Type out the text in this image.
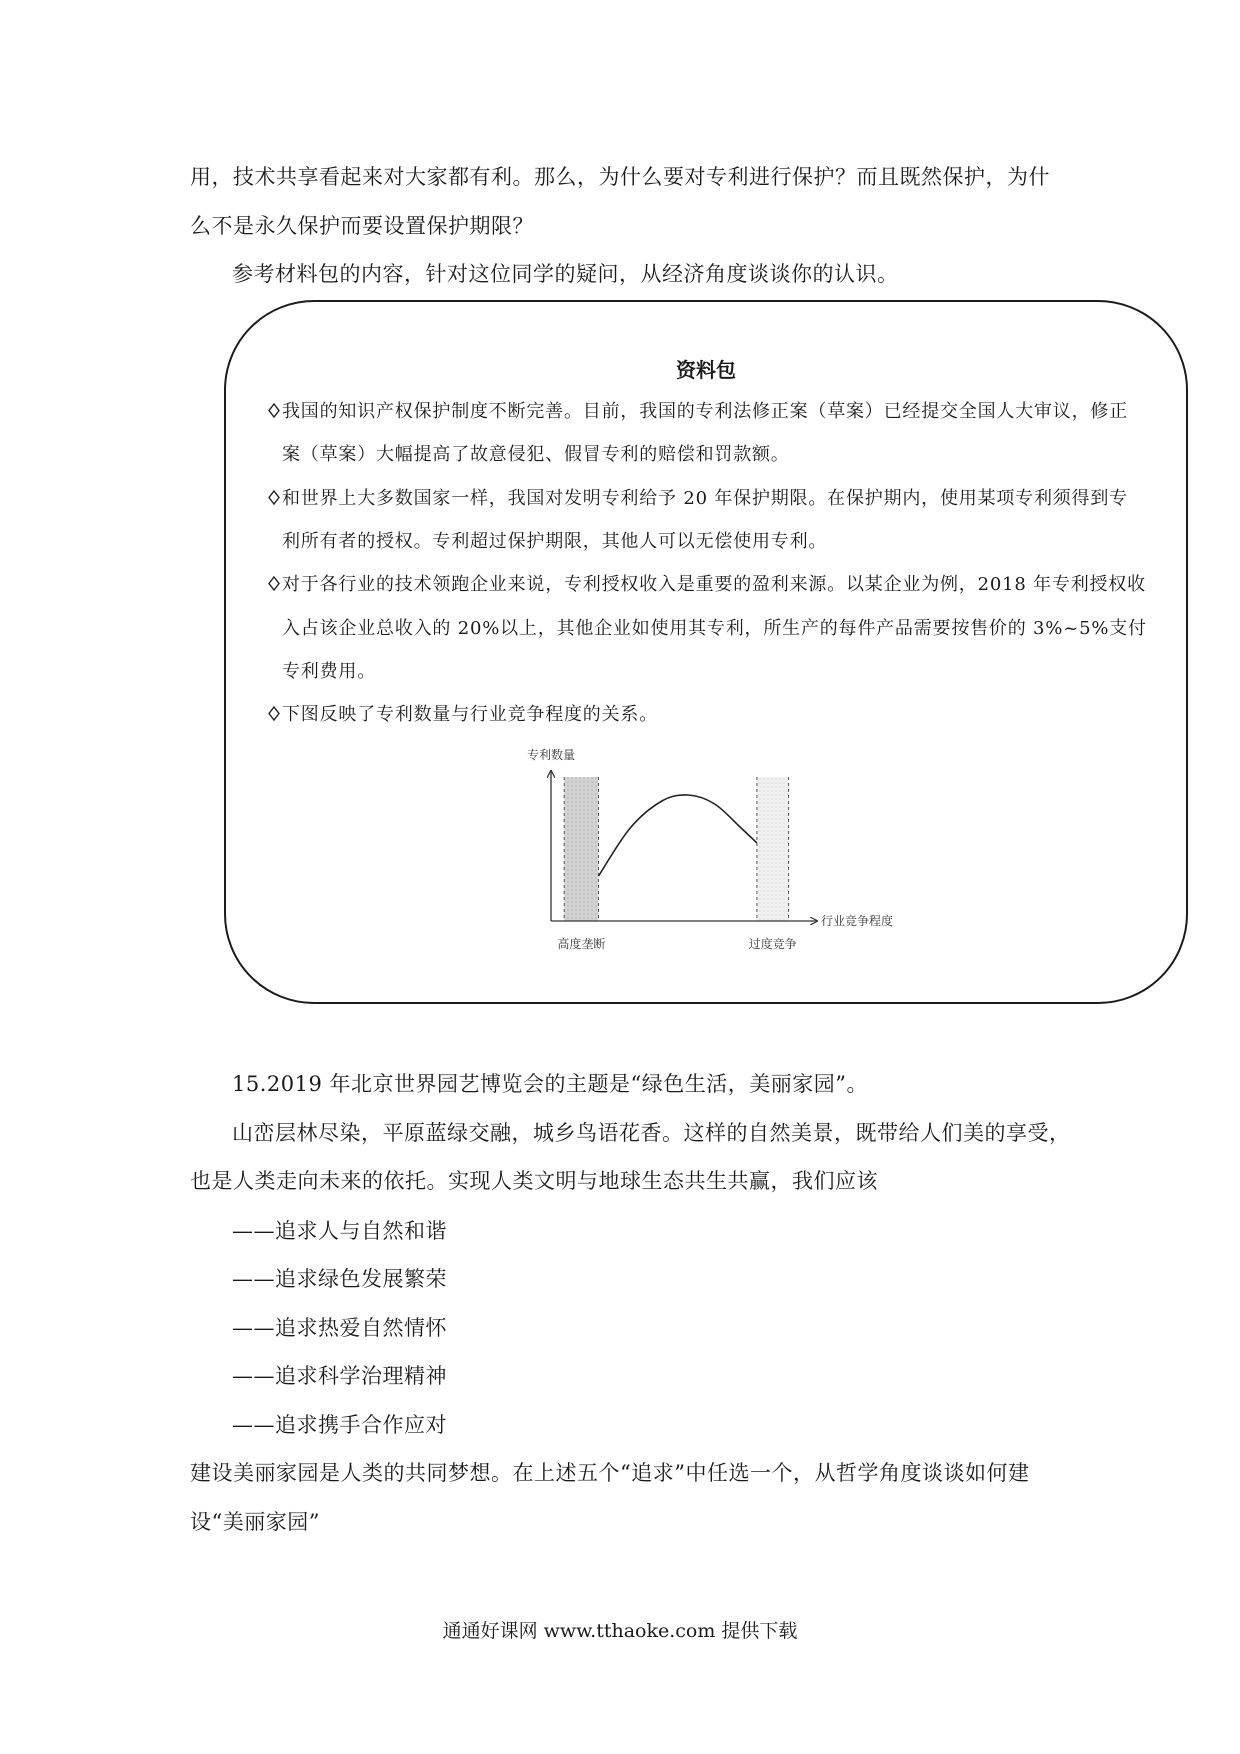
用，技术共享看起来对大家都有利。那么，为什么要对专利进行保护？而且既然保护，为什
么不是永久保护而要设置保护期限？
参考材料包的内容，针对这位同学的疑问，从经济角度谈谈你的认识。
资料包
我国的知识产权保护制度不断完善。目前，我国的专利法修正案（草案）已经提交全国人大审议，修正
案（草案）大幅提高了故意侵犯、假冒专利的赔偿和罚款额。
和世界上大多数国家一样，我国对发明专利给予 20 年保护期限。在保护期内，使用某项专利须得到专
利所有者的授权。专利超过保护期限，其他人可以无偿使用专利。
对于各行业的技术领跑企业来说，专利授权收入是重要的盈利来源。以某企业为例，2018 年专利授权收
入占该企业总收入的 20%以上，其他企业如使用其专利，所生产的每件产品需要按售价的 3%~5%支付
专利费用。
下图反映了专利数量与行业竞争程度的关系。
专利数量
行业竞争程度
高度垄断	过度竞争
15.2019 年北京世界园艺博览会的主题是“绿色生活，美丽家园”。
山峦层林尽染，平原蓝绿交融，城乡鸟语花香。这样的自然美景，既带给人们美的享受，
也是人类走向未来的依托。实现人类文明与地球生态共生共赢，我们应该
——追求人与自然和谐
——追求绿色发展繁荣
——追求热爱自然情怀
——追求科学治理精神
——追求携手合作应对
建设美丽家园是人类的共同梦想。在上述五个“追求”中任选一个，从哲学角度谈谈如何建
设“美丽家园”
通通好课网 www.tthaoke.com 提供下载
